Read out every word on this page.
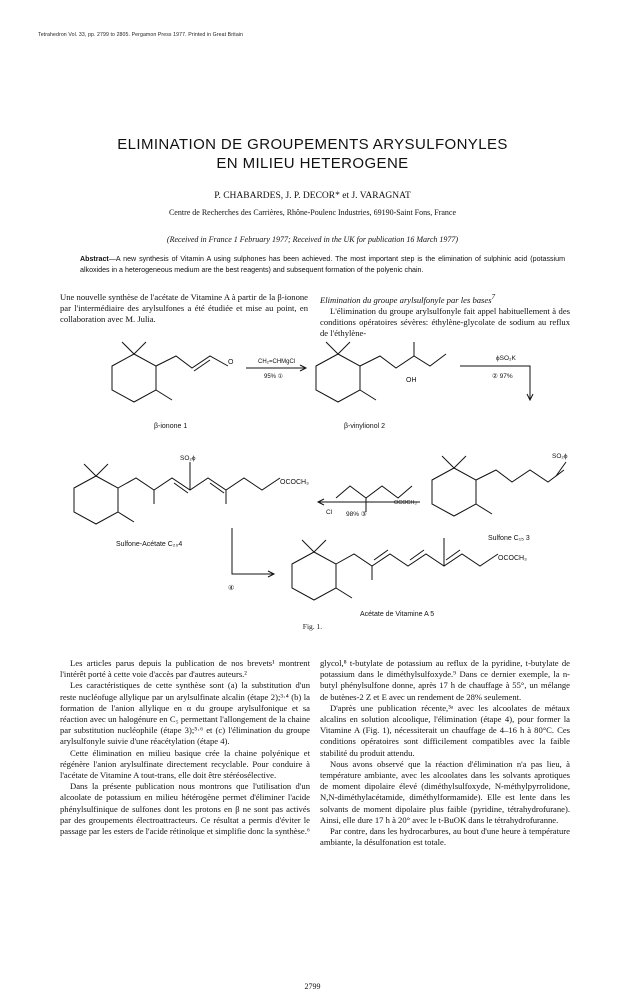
Tetrahedron Vol. 33, pp. 2799 to 2805. Pergamon Press 1977. Printed in Great Britain
ELIMINATION DE GROUPEMENTS ARYSULFONYLES
EN MILIEU HETEROGENE
P. CHABARDES, J. P. DECOR* et J. VARAGNAT
Centre de Recherches des Carrières, Rhône-Poulenc Industries, 69190-Saint Fons, France
(Received in France 1 February 1977; Received in the UK for publication 16 March 1977)
Abstract—A new synthesis of Vitamin A using sulphones has been achieved. The most important step is the elimination of sulphinic acid (potassium alkoxides in a heterogeneous medium are the best reagents) and subsequent formation of the polyenic chain.

Une nouvelle synthèse de l'acétate de Vitamine A à partir de la β-ionone par l'intermédiaire des arylsulfones a été étudiée et mise au point, en collaboration avec M. Julia.

Elimination du groupe arylsulfonyle par les bases$^7$

L'élimination du groupe arylsulfonyle fait appel habituellement à des conditions opératoires sévères: éthylène-glycolate de sodium au reflux de l'éthylène-

O
β-ionone 1
CH₂=CHMgCl
95% ①	OH
β-vinylionol 2
ϕSO₂K
② 97%
SO₂ϕ
Sulfone C₁₅ 3
Cl
OCOCH₃
98% ③
SO₂ϕ
OCOCH₃
Sulfone-Acétate C₂₀4
④
OCOCH₃
Acétate de Vitamine A 5
Fig. 1.

Les articles parus depuis la publication de nos brevets¹ montrent l'intérêt porté à cette voie d'accès par d'autres auteurs.²

Les caractéristiques de cette synthèse sont (a) la substitution d'un reste nucléofuge allylique par un arylsulfinate alcalin (étape 2);³·⁴ (b) la formation de l'anion allylique en α du groupe arylsulfonique et sa réaction avec un halogénure en C₅ permettant l'allongement de la chaine par substitution nucléophile (étape 3);⁵·⁶ et (c) l'élimination du groupe arylsulfonyle suivie d'une réacétylation (étape 4).

Cette élimination en milieu basique crée la chaine polyénique et régénère l'anion arylsulfinate directement recyclable. Pour conduire à l'acétate de Vitamine A tout-trans, elle doit être stéréosélective.

Dans la présente publication nous montrons que l'utilisation d'un alcoolate de potassium en milieu hétérogène permet d'éliminer l'acide phénylsulfinique de sulfones dont les protons en β ne sont pas activés par des groupements électroattracteurs. Ce résultat a permis d'éviter le passage par les esters de l'acide rétinoïque et simplifie donc la synthèse.⁶

glycol,⁸ t-butylate de potassium au reflux de la pyridine, t-butylate de potassium dans le diméthylsulfoxyde.⁹ Dans ce dernier exemple, la n-butyl phénylsulfone donne, après 17 h de chauffage à 55°, un mélange de butènes-2 Z et E avec un rendement de 28% seulement.

D'après une publication récente,³ᵃ avec les alcoolates de métaux alcalins en solution alcoolique, l'élimination (étape 4), pour former la Vitamine A (Fig. 1), nécessiterait un chauffage de 4–16 h à 80°C. Ces conditions opératoires sont difficilement compatibles avec la faible stabilité du produit attendu.

Nous avons observé que la réaction d'élimination n'a pas lieu, à température ambiante, avec les alcoolates dans les solvants aprotiques de moment dipolaire élevé (diméthylsulfoxyde, N-méthylpyrrolidone, N,N-diméthylacétamide, diméthylformamide). Elle est lente dans les solvants de moment dipolaire plus faible (pyridine, tétrahydrofurane). Ainsi, elle dure 17 h à 20° avec le t-BuOK dans le tétrahydrofuranne.

Par contre, dans les hydrocarbures, au bout d'une heure à température ambiante, la désulfonation est totale.

2799
